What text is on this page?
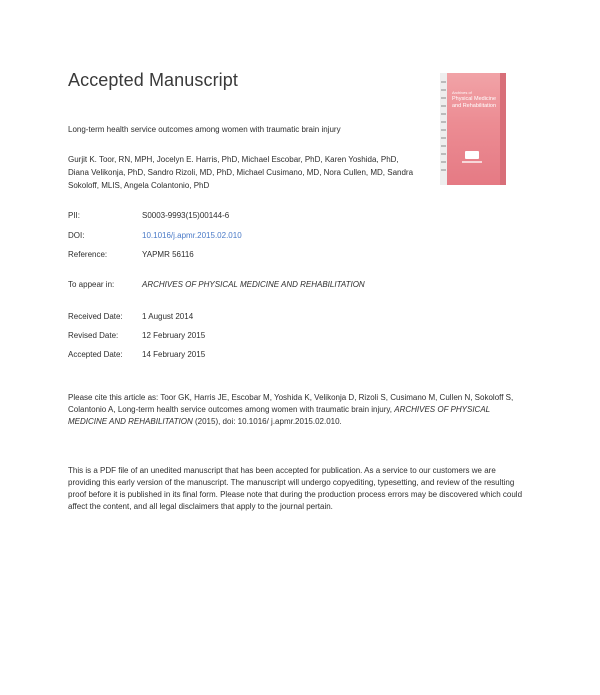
Accepted Manuscript
Archives of
Physical Medicine
and Rehabilitation
Long-term health service outcomes among women with traumatic brain injury
Gurjit K. Toor, RN, MPH, Jocelyn E. Harris, PhD, Michael Escobar, PhD, Karen Yoshida, PhD, Diana Velikonja, PhD, Sandro Rizoli, MD, PhD, Michael Cusimano, MD, Nora Cullen, MD, Sandra Sokoloff, MLIS, Angela Colantonio, PhD
PII:	S0003-9993(15)00144-6
DOI:	10.1016/j.apmr.2015.02.010
Reference:	YAPMR 56116
To appear in:	ARCHIVES OF PHYSICAL MEDICINE AND REHABILITATION
Received Date: 1 August 2014
Revised Date:	12 February 2015
Accepted Date: 14 February 2015
Please cite this article as: Toor GK, Harris JE, Escobar M, Yoshida K, Velikonja D, Rizoli S, Cusimano M, Cullen N, Sokoloff S, Colantonio A, Long-term health service outcomes among women with traumatic brain injury, ARCHIVES OF PHYSICAL MEDICINE AND REHABILITATION (2015), doi: 10.1016/ j.apmr.2015.02.010.
This is a PDF file of an unedited manuscript that has been accepted for publication. As a service to our customers we are providing this early version of the manuscript. The manuscript will undergo copyediting, typesetting, and review of the resulting proof before it is published in its final form. Please note that during the production process errors may be discovered which could affect the content, and all legal disclaimers that apply to the journal pertain.
